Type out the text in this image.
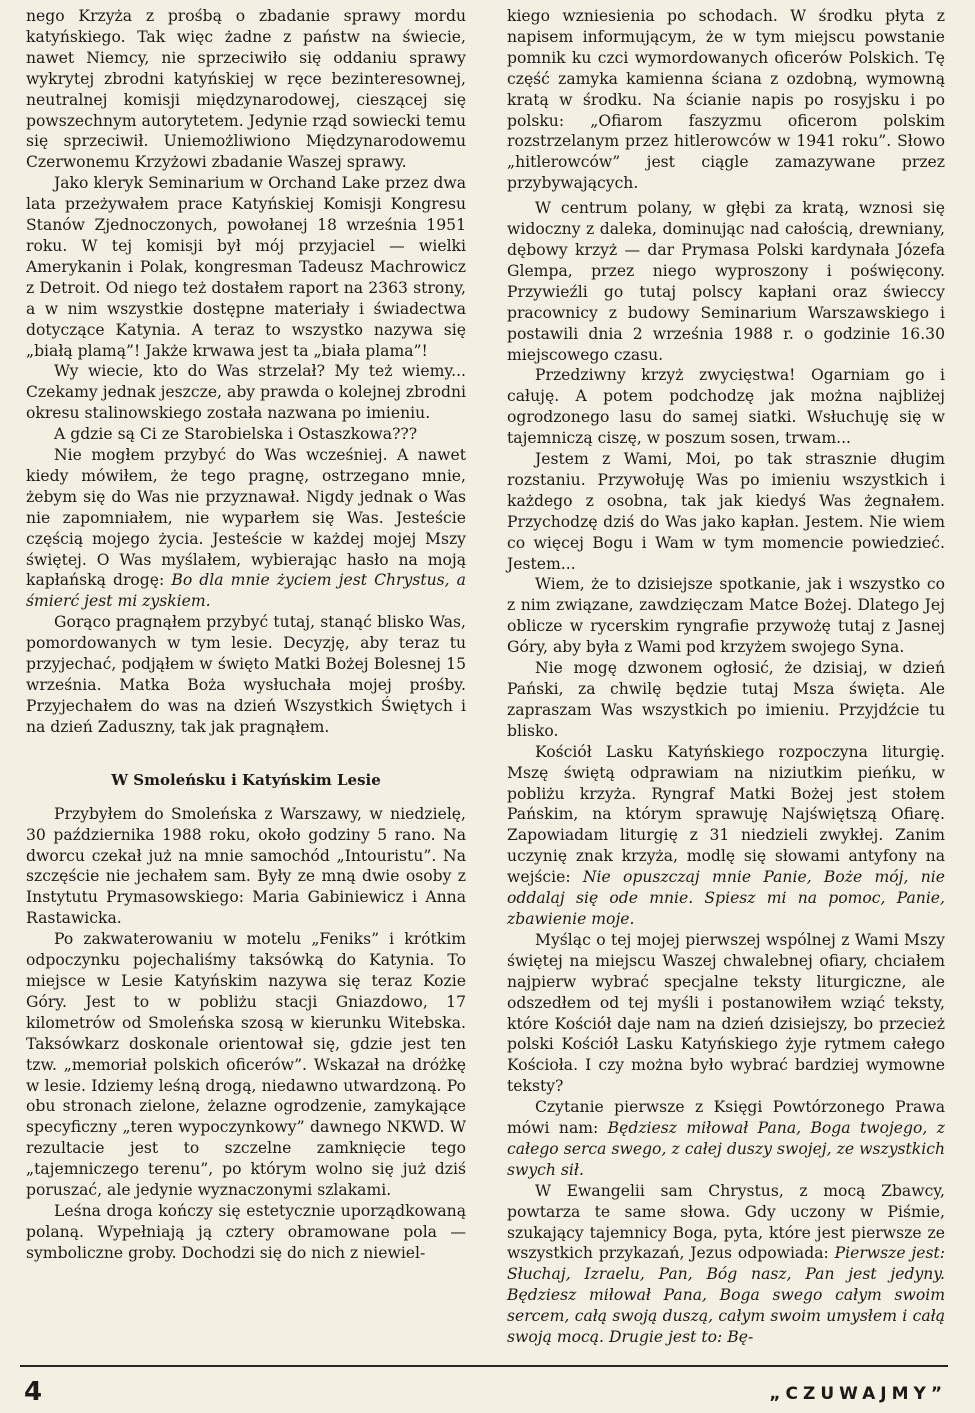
nego Krzyża z prośbą o zbadanie sprawy mordu katyńskiego. Tak więc żadne z państw na świecie, nawet Niemcy, nie sprzeciwiło się oddaniu sprawy wykrytej zbrodni katyńskiej w ręce bezinteresownej, neutralnej komisji międzynarodowej, cieszącej się powszechnym autorytetem. Jedynie rząd sowiecki temu się sprzeciwił. Uniemożliwiono Międzynarodowemu Czerwonemu Krzyżowi zbadanie Waszej sprawy.

Jako kleryk Seminarium w Orchand Lake przez dwa lata przeżywałem prace Katyńskiej Komisji Kongresu Stanów Zjednoczonych, powołanej 18 września 1951 roku. W tej komisji był mój przyjaciel — wielki Amerykanin i Polak, kongresman Tadeusz Machrowicz z Detroit. Od niego też dostałem raport na 2363 strony, a w nim wszystkie dostępne materiały i świadectwa dotyczące Katynia. A teraz to wszystko nazywa się „białą plamą”! Jakże krwawa jest ta „biała plama”!

Wy wiecie, kto do Was strzelał? My też wiemy... Czekamy jednak jeszcze, aby prawda o kolejnej zbrodni okresu stalinowskiego została nazwana po imieniu.

A gdzie są Ci ze Starobielska i Ostaszkowa???

Nie mogłem przybyć do Was wcześniej. A nawet kiedy mówiłem, że tego pragnę, ostrzegano mnie, żebym się do Was nie przyznawał. Nigdy jednak o Was nie zapomniałem, nie wyparłem się Was. Jesteście częścią mojego życia. Jesteście w każdej mojej Mszy świętej. O Was myślałem, wybierając hasło na moją kapłańską drogę: Bo dla mnie życiem jest Chrystus, a śmierć jest mi zyskiem.

Gorąco pragnąłem przybyć tutaj, stanąć blisko Was, pomordowanych w tym lesie. Decyzję, aby teraz tu przyjechać, podjąłem w święto Matki Bożej Bolesnej 15 września. Matka Boża wysłuchała mojej prośby. Przyjechałem do was na dzień Wszystkich Świętych i na dzień Zaduszny, tak jak pragnąłem.

W Smoleńsku i Katyńskim Lesie

Przybyłem do Smoleńska z Warszawy, w niedzielę, 30 października 1988 roku, około godziny 5 rano. Na dworcu czekał już na mnie samochód „Intouristu”. Na szczęście nie jechałem sam. Były ze mną dwie osoby z Instytutu Prymasowskiego: Maria Gabiniewicz i Anna Rastawicka.

Po zakwaterowaniu w motelu „Feniks” i krótkim odpoczynku pojechaliśmy taksówką do Katynia. To miejsce w Lesie Katyńskim nazywa się teraz Kozie Góry. Jest to w pobliżu stacji Gniazdowo, 17 kilometrów od Smoleńska szosą w kierunku Witebska. Taksówkarz doskonale orientował się, gdzie jest ten tzw. „memoriał polskich oficerów”. Wskazał na dróżkę w lesie. Idziemy leśną drogą, niedawno utwardzoną. Po obu stronach zielone, żelazne ogrodzenie, zamykające specyficzny „teren wypoczynkowy” dawnego NKWD. W rezultacie jest to szczelne zamknięcie tego „tajemniczego terenu”, po którym wolno się już dziś poruszać, ale jedynie wyznaczonymi szlakami.

Leśna droga kończy się estetycznie uporządkowaną polaną. Wypełniają ją cztery obramowane pola — symboliczne groby. Dochodzi się do nich z niewiel-

kiego wzniesienia po schodach. W środku płyta z napisem informującym, że w tym miejscu powstanie pomnik ku czci wymordowanych oficerów Polskich. Tę część zamyka kamienna ściana z ozdobną, wymowną kratą w środku. Na ścianie napis po rosyjsku i po polsku: „Ofiarom faszyzmu oficerom polskim rozstrzelanym przez hitlerowców w 1941 roku”. Słowo „hitlerowców” jest ciągle zamazywane przez przybywających.

W centrum polany, w głębi za kratą, wznosi się widoczny z daleka, dominując nad całością, drewniany, dębowy krzyż — dar Prymasa Polski kardynała Józefa Glempa, przez niego wyproszony i poświęcony. Przywieźli go tutaj polscy kapłani oraz świeccy pracownicy z budowy Seminarium Warszawskiego i postawili dnia 2 września 1988 r. o godzinie 16.30 miejscowego czasu.

Przedziwny krzyż zwycięstwa! Ogarniam go i całuję. A potem podchodzę jak można najbliżej ogrodzonego lasu do samej siatki. Wsłuchuję się w tajemniczą ciszę, w poszum sosen, trwam...

Jestem z Wami, Moi, po tak strasznie długim rozstaniu. Przywołuję Was po imieniu wszystkich i każdego z osobna, tak jak kiedyś Was żegnałem. Przychodzę dziś do Was jako kapłan. Jestem. Nie wiem co więcej Bogu i Wam w tym momencie powiedzieć. Jestem...

Wiem, że to dzisiejsze spotkanie, jak i wszystko co z nim związane, zawdzięczam Matce Bożej. Dlatego Jej oblicze w rycerskim ryngrafie przywożę tutaj z Jasnej Góry, aby była z Wami pod krzyżem swojego Syna.

Nie mogę dzwonem ogłosić, że dzisiaj, w dzień Pański, za chwilę będzie tutaj Msza święta. Ale zapraszam Was wszystkich po imieniu. Przyjdźcie tu blisko.

Kościół Lasku Katyńskiego rozpoczyna liturgię. Mszę świętą odprawiam na niziutkim pieńku, w pobliżu krzyża. Ryngraf Matki Bożej jest stołem Pańskim, na którym sprawuję Najświętszą Ofiarę. Zapowiadam liturgię z 31 niedzieli zwykłej. Zanim uczynię znak krzyża, modlę się słowami antyfony na wejście: Nie opuszczaj mnie Panie, Boże mój, nie oddalaj się ode mnie. Spiesz mi na pomoc, Panie, zbawienie moje.

Myśląc o tej mojej pierwszej wspólnej z Wami Mszy świętej na miejscu Waszej chwalebnej ofiary, chciałem najpierw wybrać specjalne teksty liturgiczne, ale odszedłem od tej myśli i postanowiłem wziąć teksty, które Kościół daje nam na dzień dzisiejszy, bo przecież polski Kościół Lasku Katyńskiego żyje rytmem całego Kościoła. I czy można było wybrać bardziej wymowne teksty?

Czytanie pierwsze z Księgi Powtórzonego Prawa mówi nam: Będziesz miłował Pana, Boga twojego, z całego serca swego, z całej duszy swojej, ze wszystkich swych sił.

W Ewangelii sam Chrystus, z mocą Zbawcy, powtarza te same słowa. Gdy uczony w Piśmie, szukający tajemnicy Boga, pyta, które jest pierwsze ze wszystkich przykazań, Jezus odpowiada: Pierwsze jest: Słuchaj, Izraelu, Pan, Bóg nasz, Pan jest jedyny. Będziesz miłował Pana, Boga swego całym swoim sercem, całą swoją duszą, całym swoim umysłem i całą swoją mocą. Drugie jest to: Bę-

4	„CZUWAJMY”
